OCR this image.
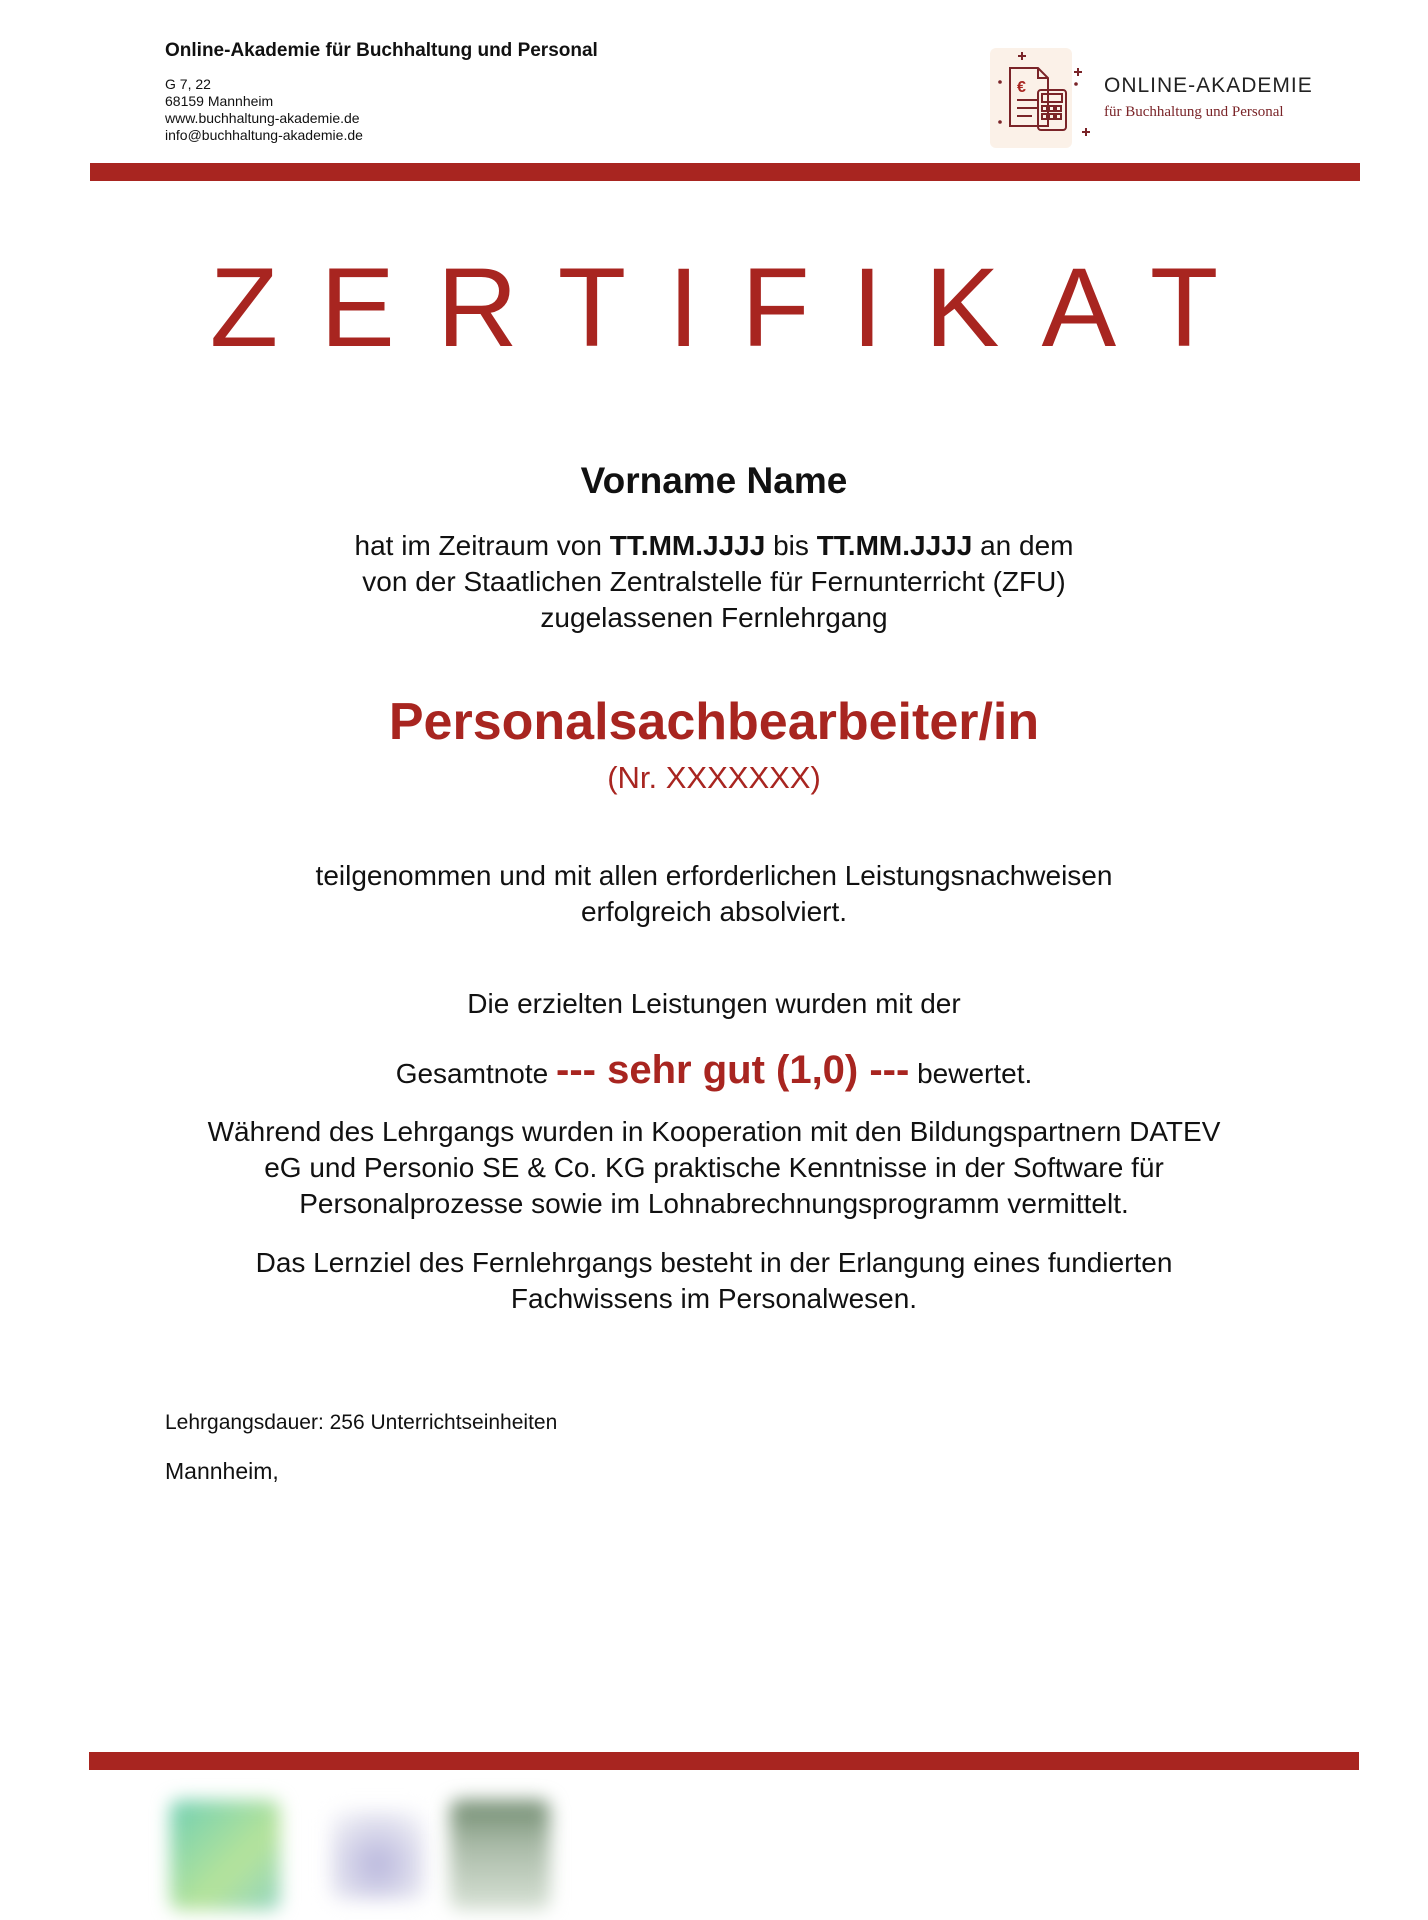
Online-Akademie für Buchhaltung und Personal

G 7, 22

68159 Mannheim

www.buchhaltung-akademie.de

info@buchhaltung-akademie.de

€	ONLINE-AKADEMIE
für Buchhaltung und Personal
ZERTIFIKAT
Vorname Name
hat im Zeitraum von TT.MM.JJJJ bis TT.MM.JJJJ an dem
von der Staatlichen Zentralstelle für Fernunterricht (ZFU)
zugelassenen Fernlehrgang
Personalsachbearbeiter/in
(Nr. XXXXXXX)
teilgenommen und mit allen erforderlichen Leistungsnachweisen
erfolgreich absolviert.
Die erzielten Leistungen wurden mit der
Gesamtnote --- sehr gut (1,0) --- bewertet.
Während des Lehrgangs wurden in Kooperation mit den Bildungspartnern DATEV
eG und Personio SE & Co. KG praktische Kenntnisse in der Software für
Personalprozesse sowie im Lohnabrechnungsprogramm vermittelt.
Das Lernziel des Fernlehrgangs besteht in der Erlangung eines fundierten
Fachwissens im Personalwesen.
Lehrgangsdauer: 256 Unterrichtseinheiten
Mannheim,
